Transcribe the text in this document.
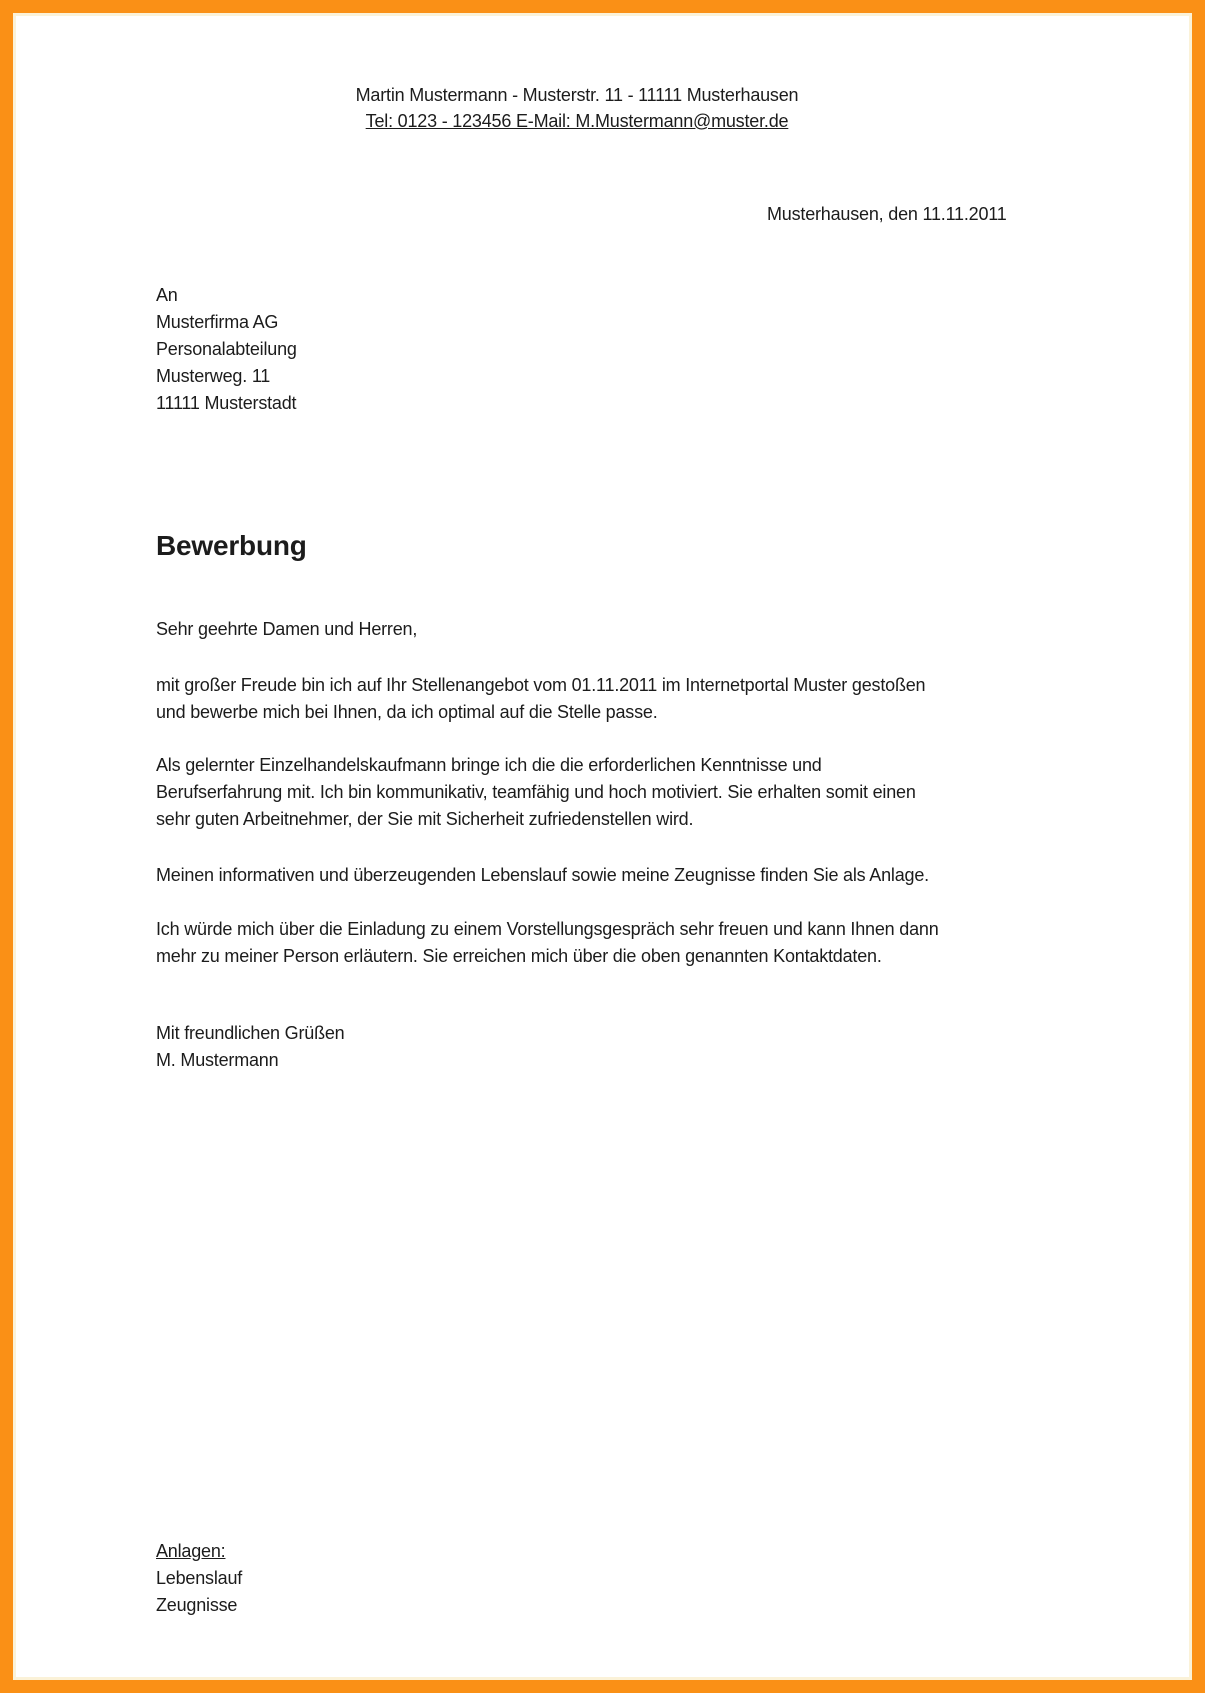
Martin Mustermann - Musterstr. 11 - 11111 Musterhausen
Tel: 0123 - 123456 E-Mail: M.Mustermann@muster.de
Musterhausen, den 11.11.2011
An
Musterfirma AG
Personalabteilung
Musterweg. 11
11111 Musterstadt
Bewerbung
Sehr geehrte Damen und Herren,
mit großer Freude bin ich auf Ihr Stellenangebot vom 01.11.2011 im Internetportal Muster gestoßen
und bewerbe mich bei Ihnen, da ich optimal auf die Stelle passe.
Als gelernter Einzelhandelskaufmann bringe ich die die erforderlichen Kenntnisse und
Berufserfahrung mit. Ich bin kommunikativ, teamfähig und hoch motiviert. Sie erhalten somit einen
sehr guten Arbeitnehmer, der Sie mit Sicherheit zufriedenstellen wird.
Meinen informativen und überzeugenden Lebenslauf sowie meine Zeugnisse finden Sie als Anlage.
Ich würde mich über die Einladung zu einem Vorstellungsgespräch sehr freuen und kann Ihnen dann
mehr zu meiner Person erläutern. Sie erreichen mich über die oben genannten Kontaktdaten.
Mit freundlichen Grüßen
M. Mustermann
Anlagen:
Lebenslauf
Zeugnisse
